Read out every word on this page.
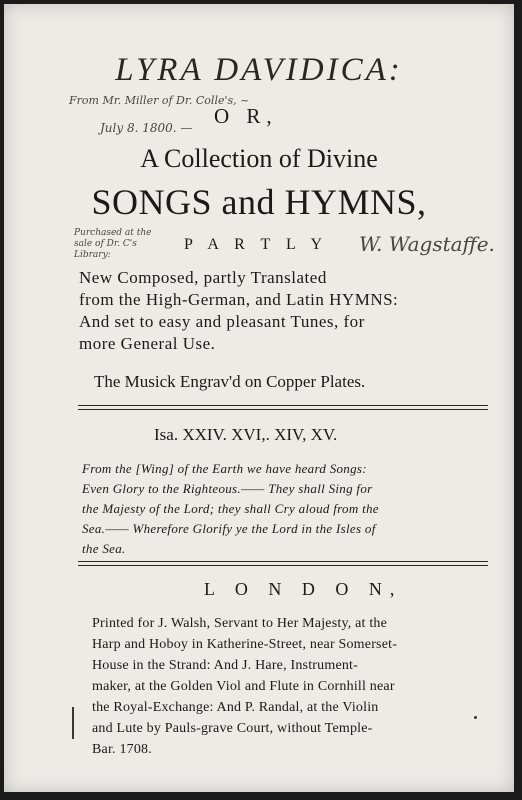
LYRA DAVIDICA:
From Mr. Miller of Dr. Colle's, ~
July 8. 1800. — O R,
A Collection of Divine
SONGS and HYMNS,
Purchased at the sale of Dr. C's Library:
P A R T L Y W. Wagstaffe.
New Composed, partly Translated
from the High-German, and Latin HYMNS:
And set to easy and pleasant Tunes, for
more General Use.
The Musick Engrav'd on Copper Plates.
Isa. XXIV. XVI,. XIV, XV.
From the [Wing] of the Earth we have heard Songs:
Even Glory to the Righteous.—— They shall Sing for
the Majesty of the Lord; they shall Cry aloud from the
Sea.—— Wherefore Glorify ye the Lord in the Isles of
the Sea.
L O N D O N,
Printed for J. Walsh, Servant to Her Majesty, at the
Harp and Hoboy in Katherine-Street, near Somerset-
House in the Strand: And J. Hare, Instrument-
maker, at the Golden Viol and Flute in Cornhill near
the Royal-Exchange: And P. Randal, at the Violin
and Lute by Pauls-grave Court, without Temple-
Bar. 1708.
